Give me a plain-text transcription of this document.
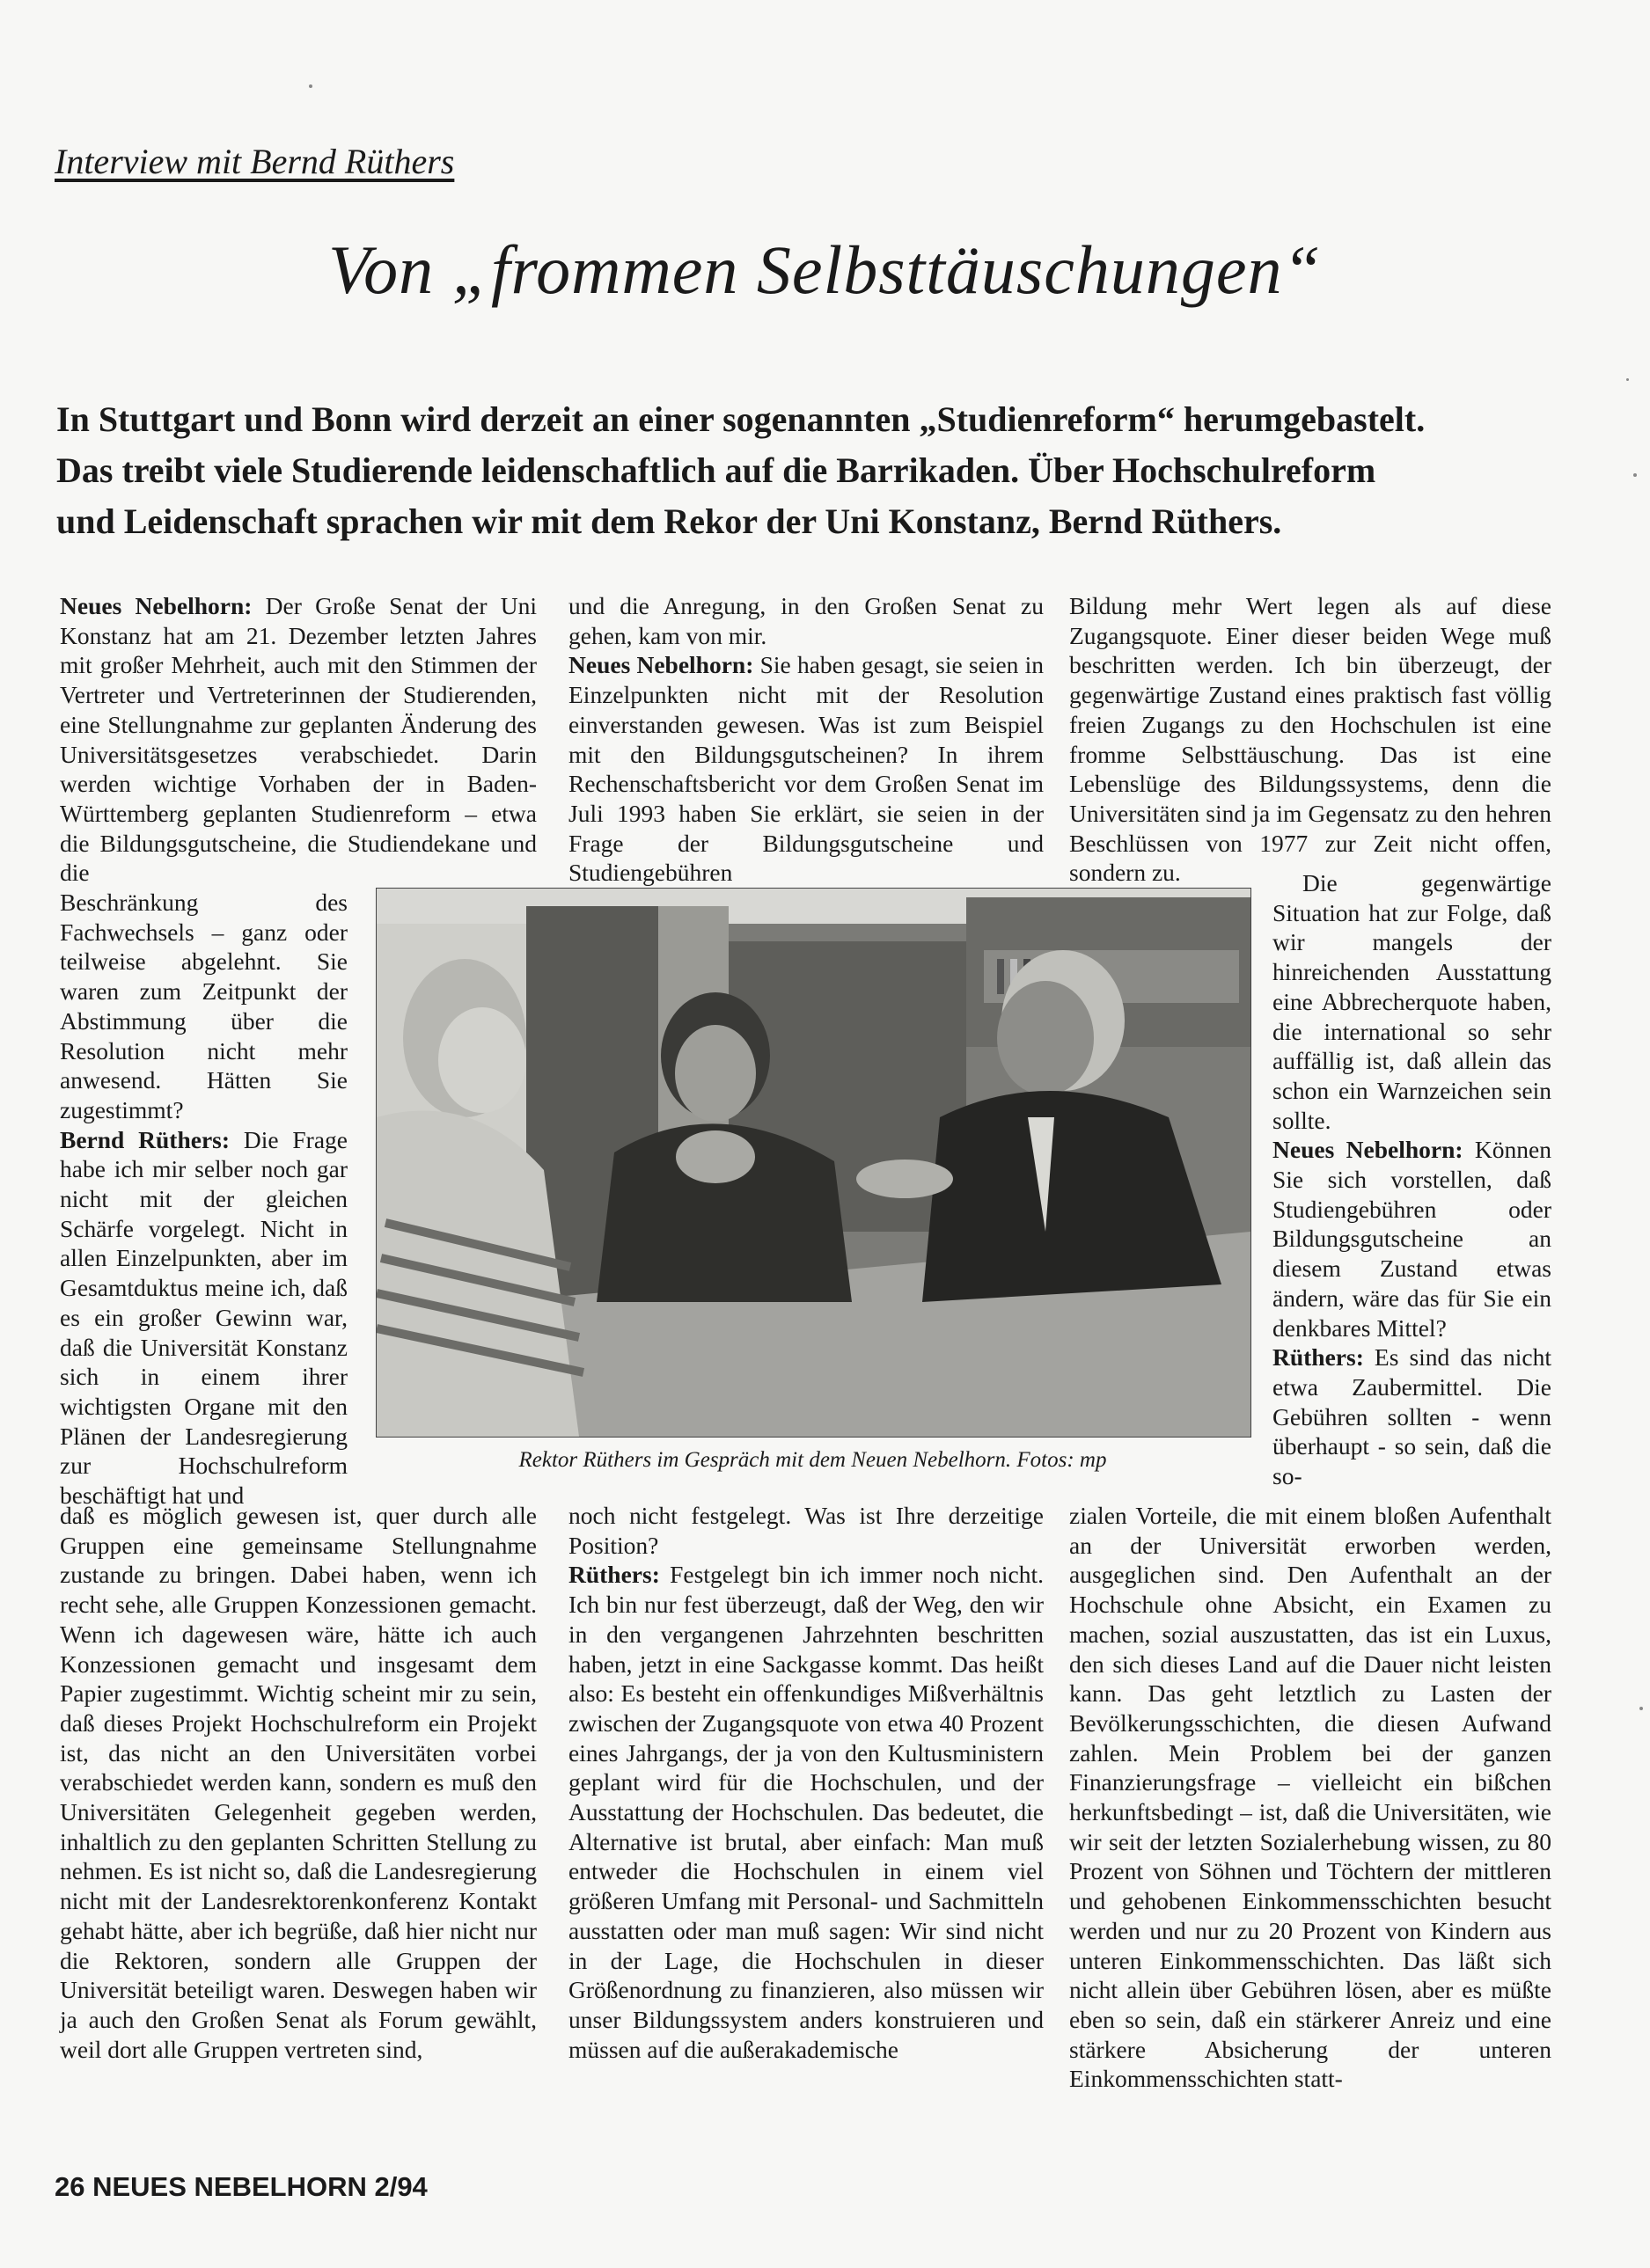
Interview mit Bernd Rüthers
Von „frommen Selbsttäuschungen“

In Stuttgart und Bonn wird derzeit an einer sogenannten „Studienreform“ herumgebastelt.

Das treibt viele Studierende leidenschaftlich auf die Barrikaden. Über Hochschulreform

und Leidenschaft sprachen wir mit dem Rekor der Uni Konstanz, Bernd Rüthers.

Neues Nebelhorn: Der Große Senat der Uni Konstanz hat am 21. Dezember letzten Jahres mit großer Mehrheit, auch mit den Stimmen der Vertreter und Vertreterinnen der Studierenden, eine Stellungnahme zur geplanten Änderung des Universitätsgesetzes verabschiedet. Darin werden wichtige Vorhaben der in Baden-Württemberg geplanten Studienreform – etwa die Bildungsgutscheine, die Studiendekane und die

Beschränkung des Fachwechsels – ganz oder teilweise abgelehnt. Sie waren zum Zeitpunkt der Abstimmung über die Resolution nicht mehr anwesend. Hätten Sie zugestimmt?

Bernd Rüthers: Die Frage habe ich mir selber noch gar nicht mit der gleichen Schärfe vorgelegt. Nicht in allen Einzelpunkten, aber im Gesamtduktus meine ich, daß es ein großer Gewinn war, daß die Universität Konstanz sich in einem ihrer wichtigsten Organe mit den Plänen der Landesregierung zur Hochschulreform beschäftigt hat und

daß es möglich gewesen ist, quer durch alle Gruppen eine gemeinsame Stellungnahme zustande zu bringen. Dabei haben, wenn ich recht sehe, alle Gruppen Konzessionen gemacht. Wenn ich dagewesen wäre, hätte ich auch Konzessionen gemacht und insgesamt dem Papier zugestimmt. Wichtig scheint mir zu sein, daß dieses Projekt Hochschulreform ein Projekt ist, das nicht an den Universitäten vorbei verabschiedet werden kann, sondern es muß den Universitäten Gelegenheit gegeben werden, inhaltlich zu den geplanten Schritten Stellung zu nehmen. Es ist nicht so, daß die Landesregierung nicht mit der Landesrektorenkonferenz Kontakt gehabt hätte, aber ich begrüße, daß hier nicht nur die Rektoren, sondern alle Gruppen der Universität beteiligt waren. Deswegen haben wir ja auch den Großen Senat als Forum gewählt, weil dort alle Gruppen vertreten sind,

und die Anregung, in den Großen Senat zu gehen, kam von mir.

Neues Nebelhorn: Sie haben gesagt, sie seien in Einzelpunkten nicht mit der Resolution einverstanden gewesen. Was ist zum Beispiel mit den Bildungsgutscheinen? In ihrem Rechenschaftsbericht vor dem Großen Senat im Juli 1993 haben Sie erklärt, sie seien in der Frage der Bildungsgutscheine und Studiengebühren

noch nicht festgelegt. Was ist Ihre derzeitige Position?

Rüthers: Festgelegt bin ich immer noch nicht. Ich bin nur fest überzeugt, daß der Weg, den wir in den vergangenen Jahrzehnten beschritten haben, jetzt in eine Sackgasse kommt. Das heißt also: Es besteht ein offenkundiges Mißverhältnis zwischen der Zugangsquote von etwa 40 Prozent eines Jahrgangs, der ja von den Kultusministern geplant wird für die Hochschulen, und der Ausstattung der Hochschulen. Das bedeutet, die Alternative ist brutal, aber einfach: Man muß entweder die Hochschulen in einem viel größeren Umfang mit Personal- und Sachmitteln ausstatten oder man muß sagen: Wir sind nicht in der Lage, die Hochschulen in dieser Größenordnung zu finanzieren, also müssen wir unser Bildungssystem anders konstruieren und müssen auf die außerakademische

Bildung mehr Wert legen als auf diese Zugangsquote. Einer dieser beiden Wege muß beschritten werden. Ich bin überzeugt, der gegenwärtige Zustand eines praktisch fast völlig freien Zugangs zu den Hochschulen ist eine fromme Selbsttäuschung. Das ist eine Lebenslüge des Bildungssystems, denn die Universitäten sind ja im Gegensatz zu den hehren Beschlüssen von 1977 zur Zeit nicht offen, sondern zu.	Die gegenwärtige Situation hat zur Folge, daß wir mangels der hinreichenden Ausstattung eine Abbrecherquote haben, die international so sehr auffällig ist, daß allein das schon ein Warnzeichen sein sollte.

Neues Nebelhorn: Können Sie sich vorstellen, daß Studiengebühren oder Bildungsgutscheine an diesem Zustand etwas ändern, wäre das für Sie ein denkbares Mittel?

Rüthers: Es sind das nicht etwa Zaubermittel. Die Gebühren sollten - wenn überhaupt - so sein, daß die so-

zialen Vorteile, die mit einem bloßen Aufenthalt an der Universität erworben werden, ausgeglichen sind. Den Aufenthalt an der Hochschule ohne Absicht, ein Examen zu machen, sozial auszustatten, das ist ein Luxus, den sich dieses Land auf die Dauer nicht leisten kann. Das geht letztlich zu Lasten der Bevölkerungsschichten, die diesen Aufwand zahlen. Mein Problem bei der ganzen Finanzierungsfrage – vielleicht ein bißchen herkunftsbedingt – ist, daß die Universitäten, wie wir seit der letzten Sozialerhebung wissen, zu 80 Prozent von Söhnen und Töchtern der mittleren und gehobenen Einkommensschichten besucht werden und nur zu 20 Prozent von Kindern aus unteren Einkommensschichten. Das läßt sich nicht allein über Gebühren lösen, aber es müßte eben so sein, daß ein stärkerer Anreiz und eine stärkere Absicherung der unteren Einkommensschichten statt-

Rektor Rüthers im Gespräch mit dem Neuen Nebelhorn. Fotos: mp
26 NEUES NEBELHORN 2/94
